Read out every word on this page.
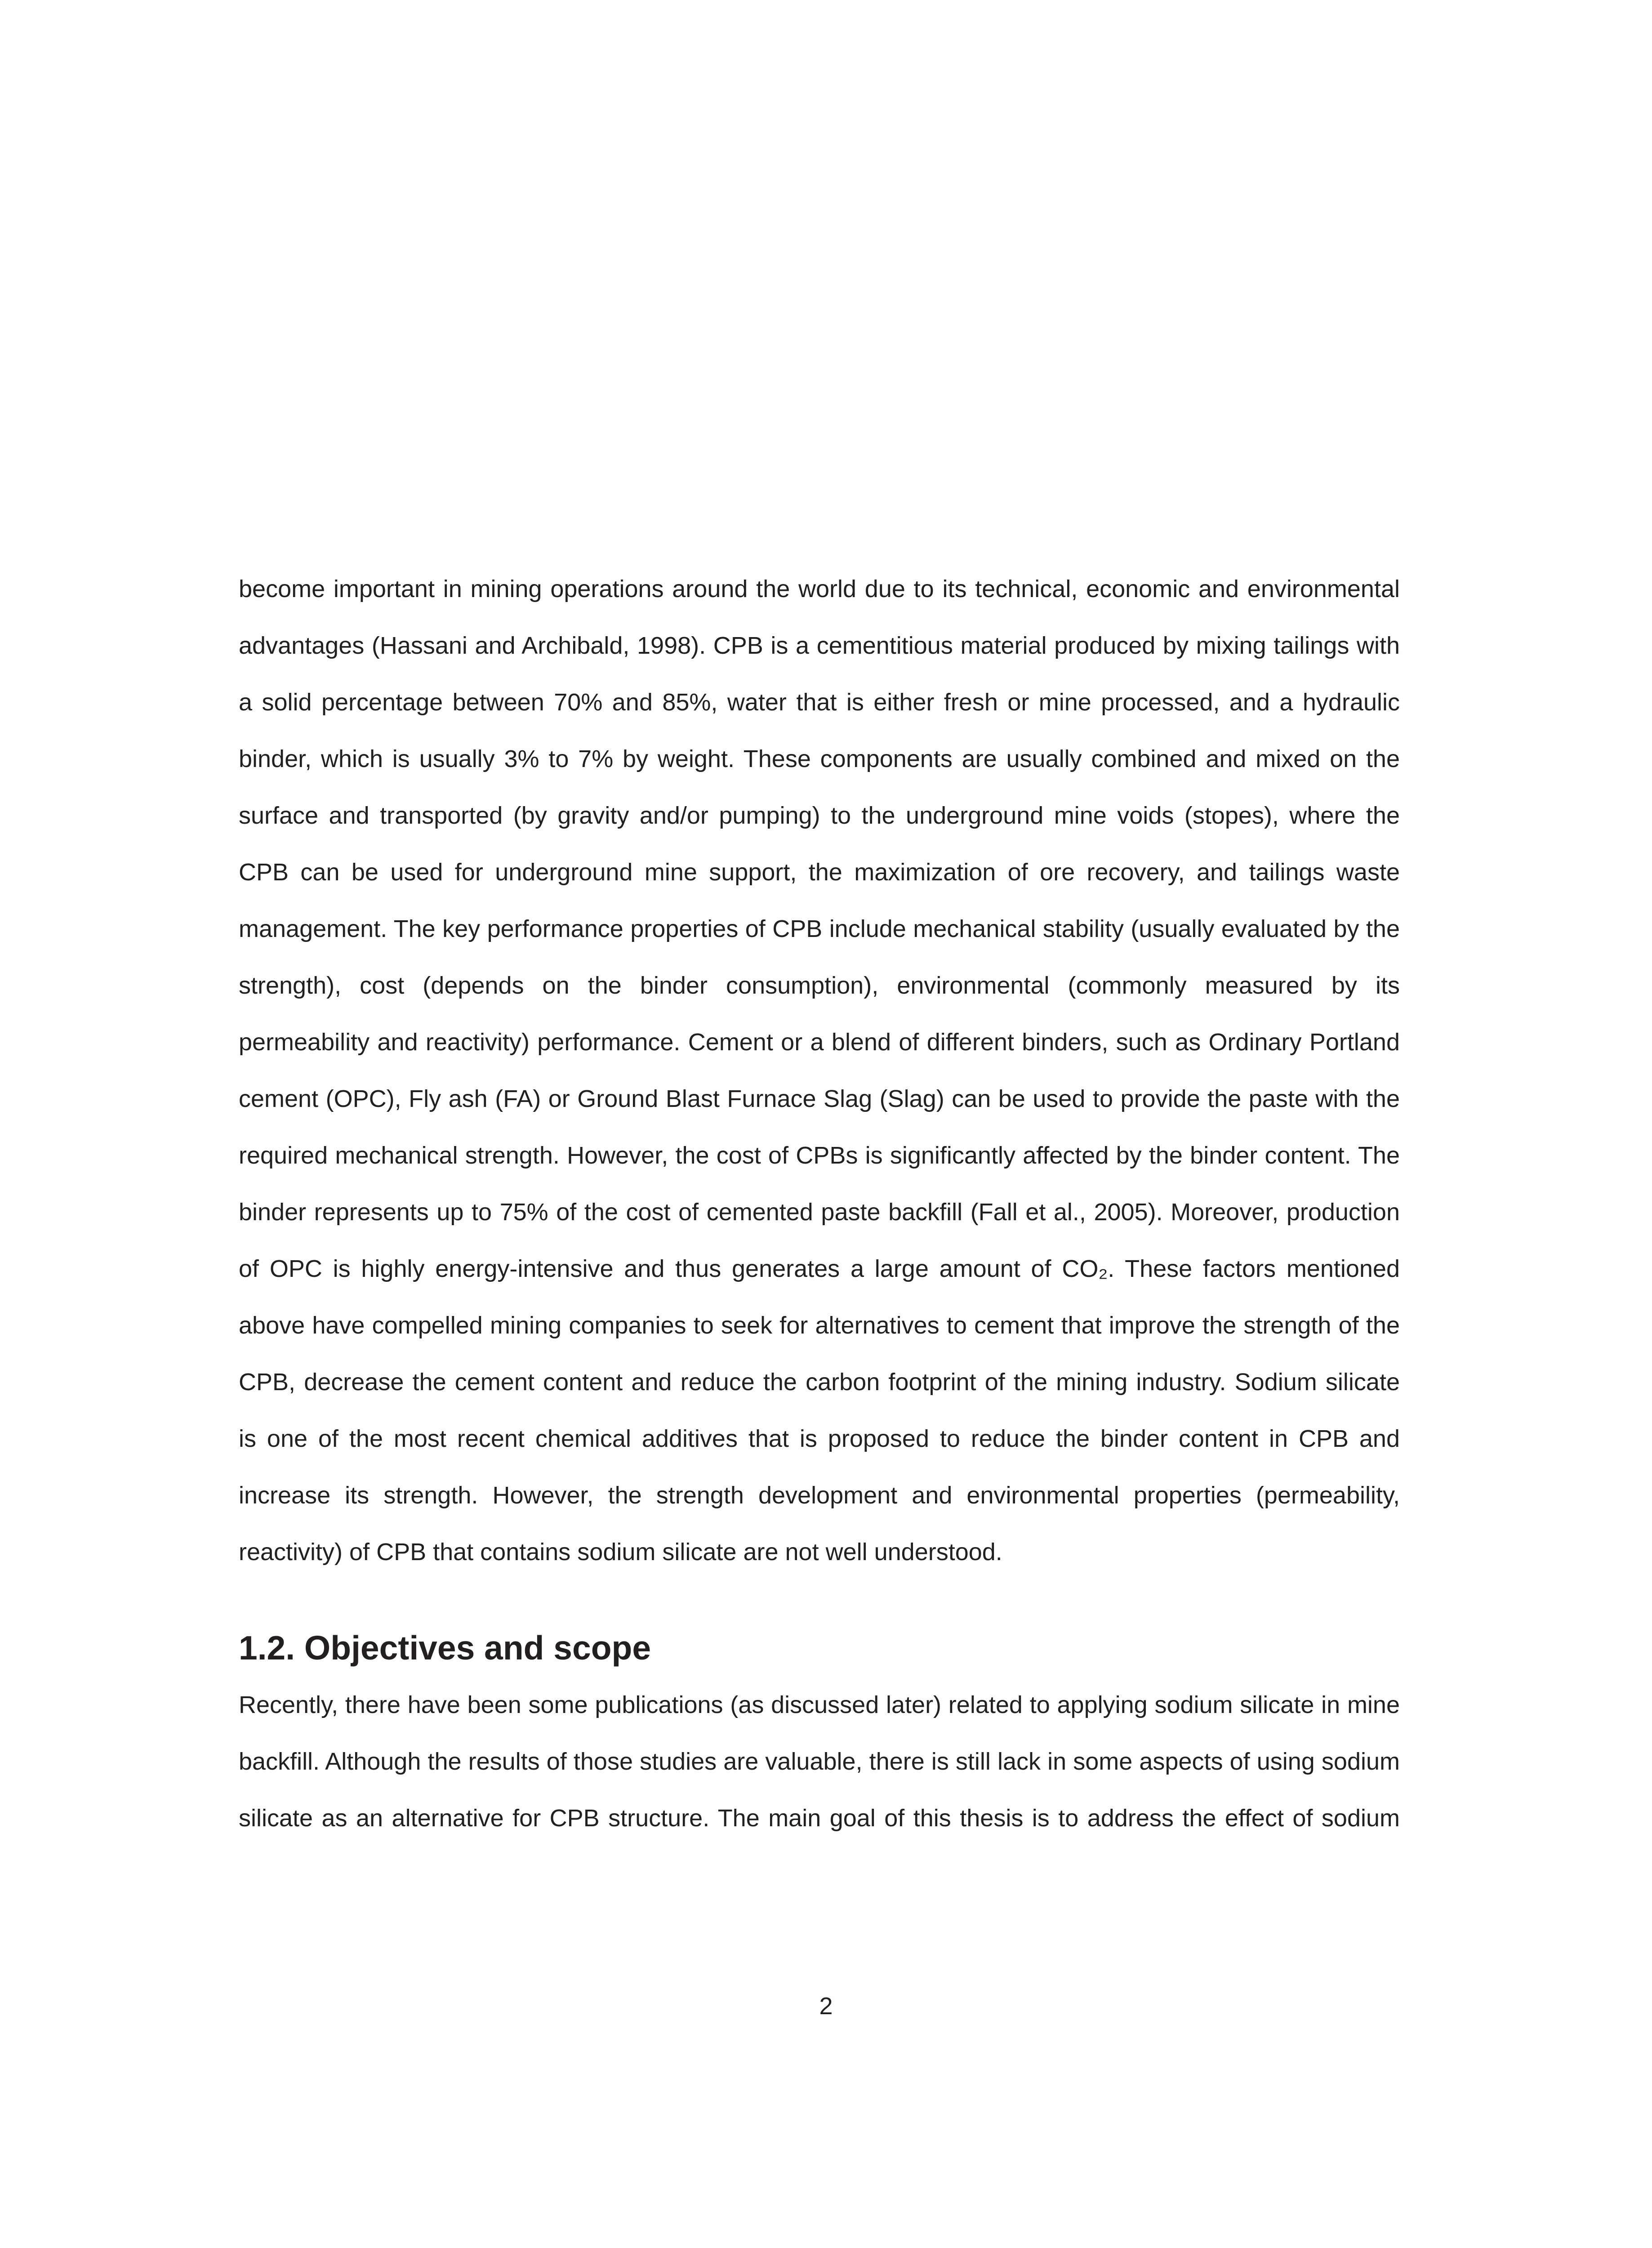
become important in mining operations around the world due to its technical, economic and environmental
advantages (Hassani and Archibald, 1998). CPB is a cementitious material produced by mixing tailings with
a solid percentage between 70% and 85%, water that is either fresh or mine processed, and a hydraulic
binder, which is usually 3% to 7% by weight. These components are usually combined and mixed on the
surface and transported (by gravity and/or pumping) to the underground mine voids (stopes), where the
CPB can be used for underground mine support, the maximization of ore recovery, and tailings waste
management. The key performance properties of CPB include mechanical stability (usually evaluated by the
strength), cost (depends on the binder consumption), environmental (commonly measured by its
permeability and reactivity) performance. Cement or a blend of different binders, such as Ordinary Portland
cement (OPC), Fly ash (FA) or Ground Blast Furnace Slag (Slag) can be used to provide the paste with the
required mechanical strength. However, the cost of CPBs is significantly affected by the binder content. The
binder represents up to 75% of the cost of cemented paste backfill (Fall et al., 2005). Moreover, production
of OPC is highly energy-intensive and thus generates a large amount of CO₂. These factors mentioned
above have compelled mining companies to seek for alternatives to cement that improve the strength of the
CPB, decrease the cement content and reduce the carbon footprint of the mining industry. Sodium silicate
is one of the most recent chemical additives that is proposed to reduce the binder content in CPB and
increase its strength. However, the strength development and environmental properties (permeability,
reactivity) of CPB that contains sodium silicate are not well understood.
1.2. Objectives and scope
Recently, there have been some publications (as discussed later) related to applying sodium silicate in mine
backfill. Although the results of those studies are valuable, there is still lack in some aspects of using sodium
silicate as an alternative for CPB structure. The main goal of this thesis is to address the effect of sodium
2
